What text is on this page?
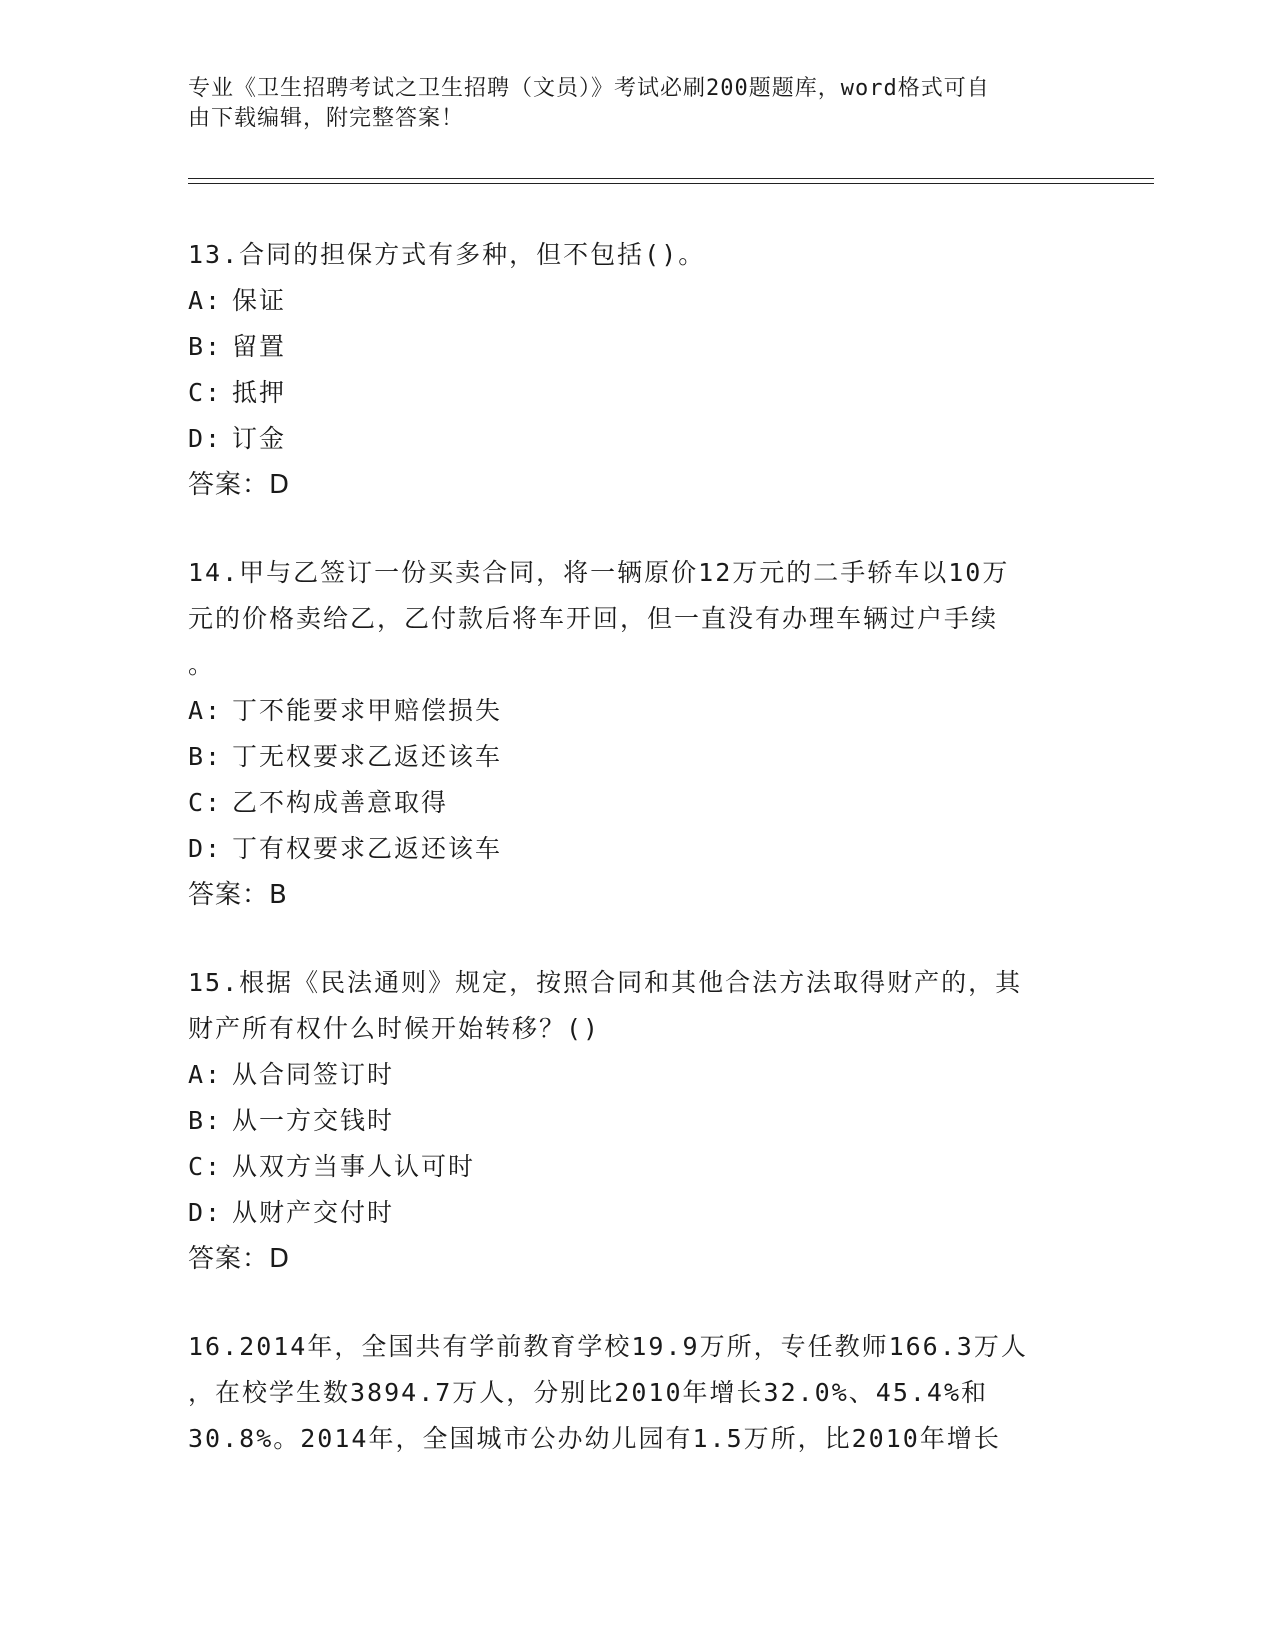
专业《卫生招聘考试之卫生招聘（文员）》考试必刷200题题库，word格式可自

由下载编辑，附完整答案！

13.合同的担保方式有多种，但不包括()。

A: 保证

B: 留置

C: 抵押

D: 订金

答案：D

14.甲与乙签订一份买卖合同，将一辆原价12万元的二手轿车以10万

元的价格卖给乙，乙付款后将车开回，但一直没有办理车辆过户手续

。

A: 丁不能要求甲赔偿损失

B: 丁无权要求乙返还该车

C: 乙不构成善意取得

D: 丁有权要求乙返还该车

答案：B

15.根据《民法通则》规定，按照合同和其他合法方法取得财产的，其

财产所有权什么时候开始转移？()

A: 从合同签订时

B: 从一方交钱时

C: 从双方当事人认可时

D: 从财产交付时

答案：D

16.2014年，全国共有学前教育学校19.9万所，专任教师166.3万人

，在校学生数3894.7万人，分别比2010年增长32.0%、45.4%和

30.8%。2014年，全国城市公办幼儿园有1.5万所，比2010年增长
